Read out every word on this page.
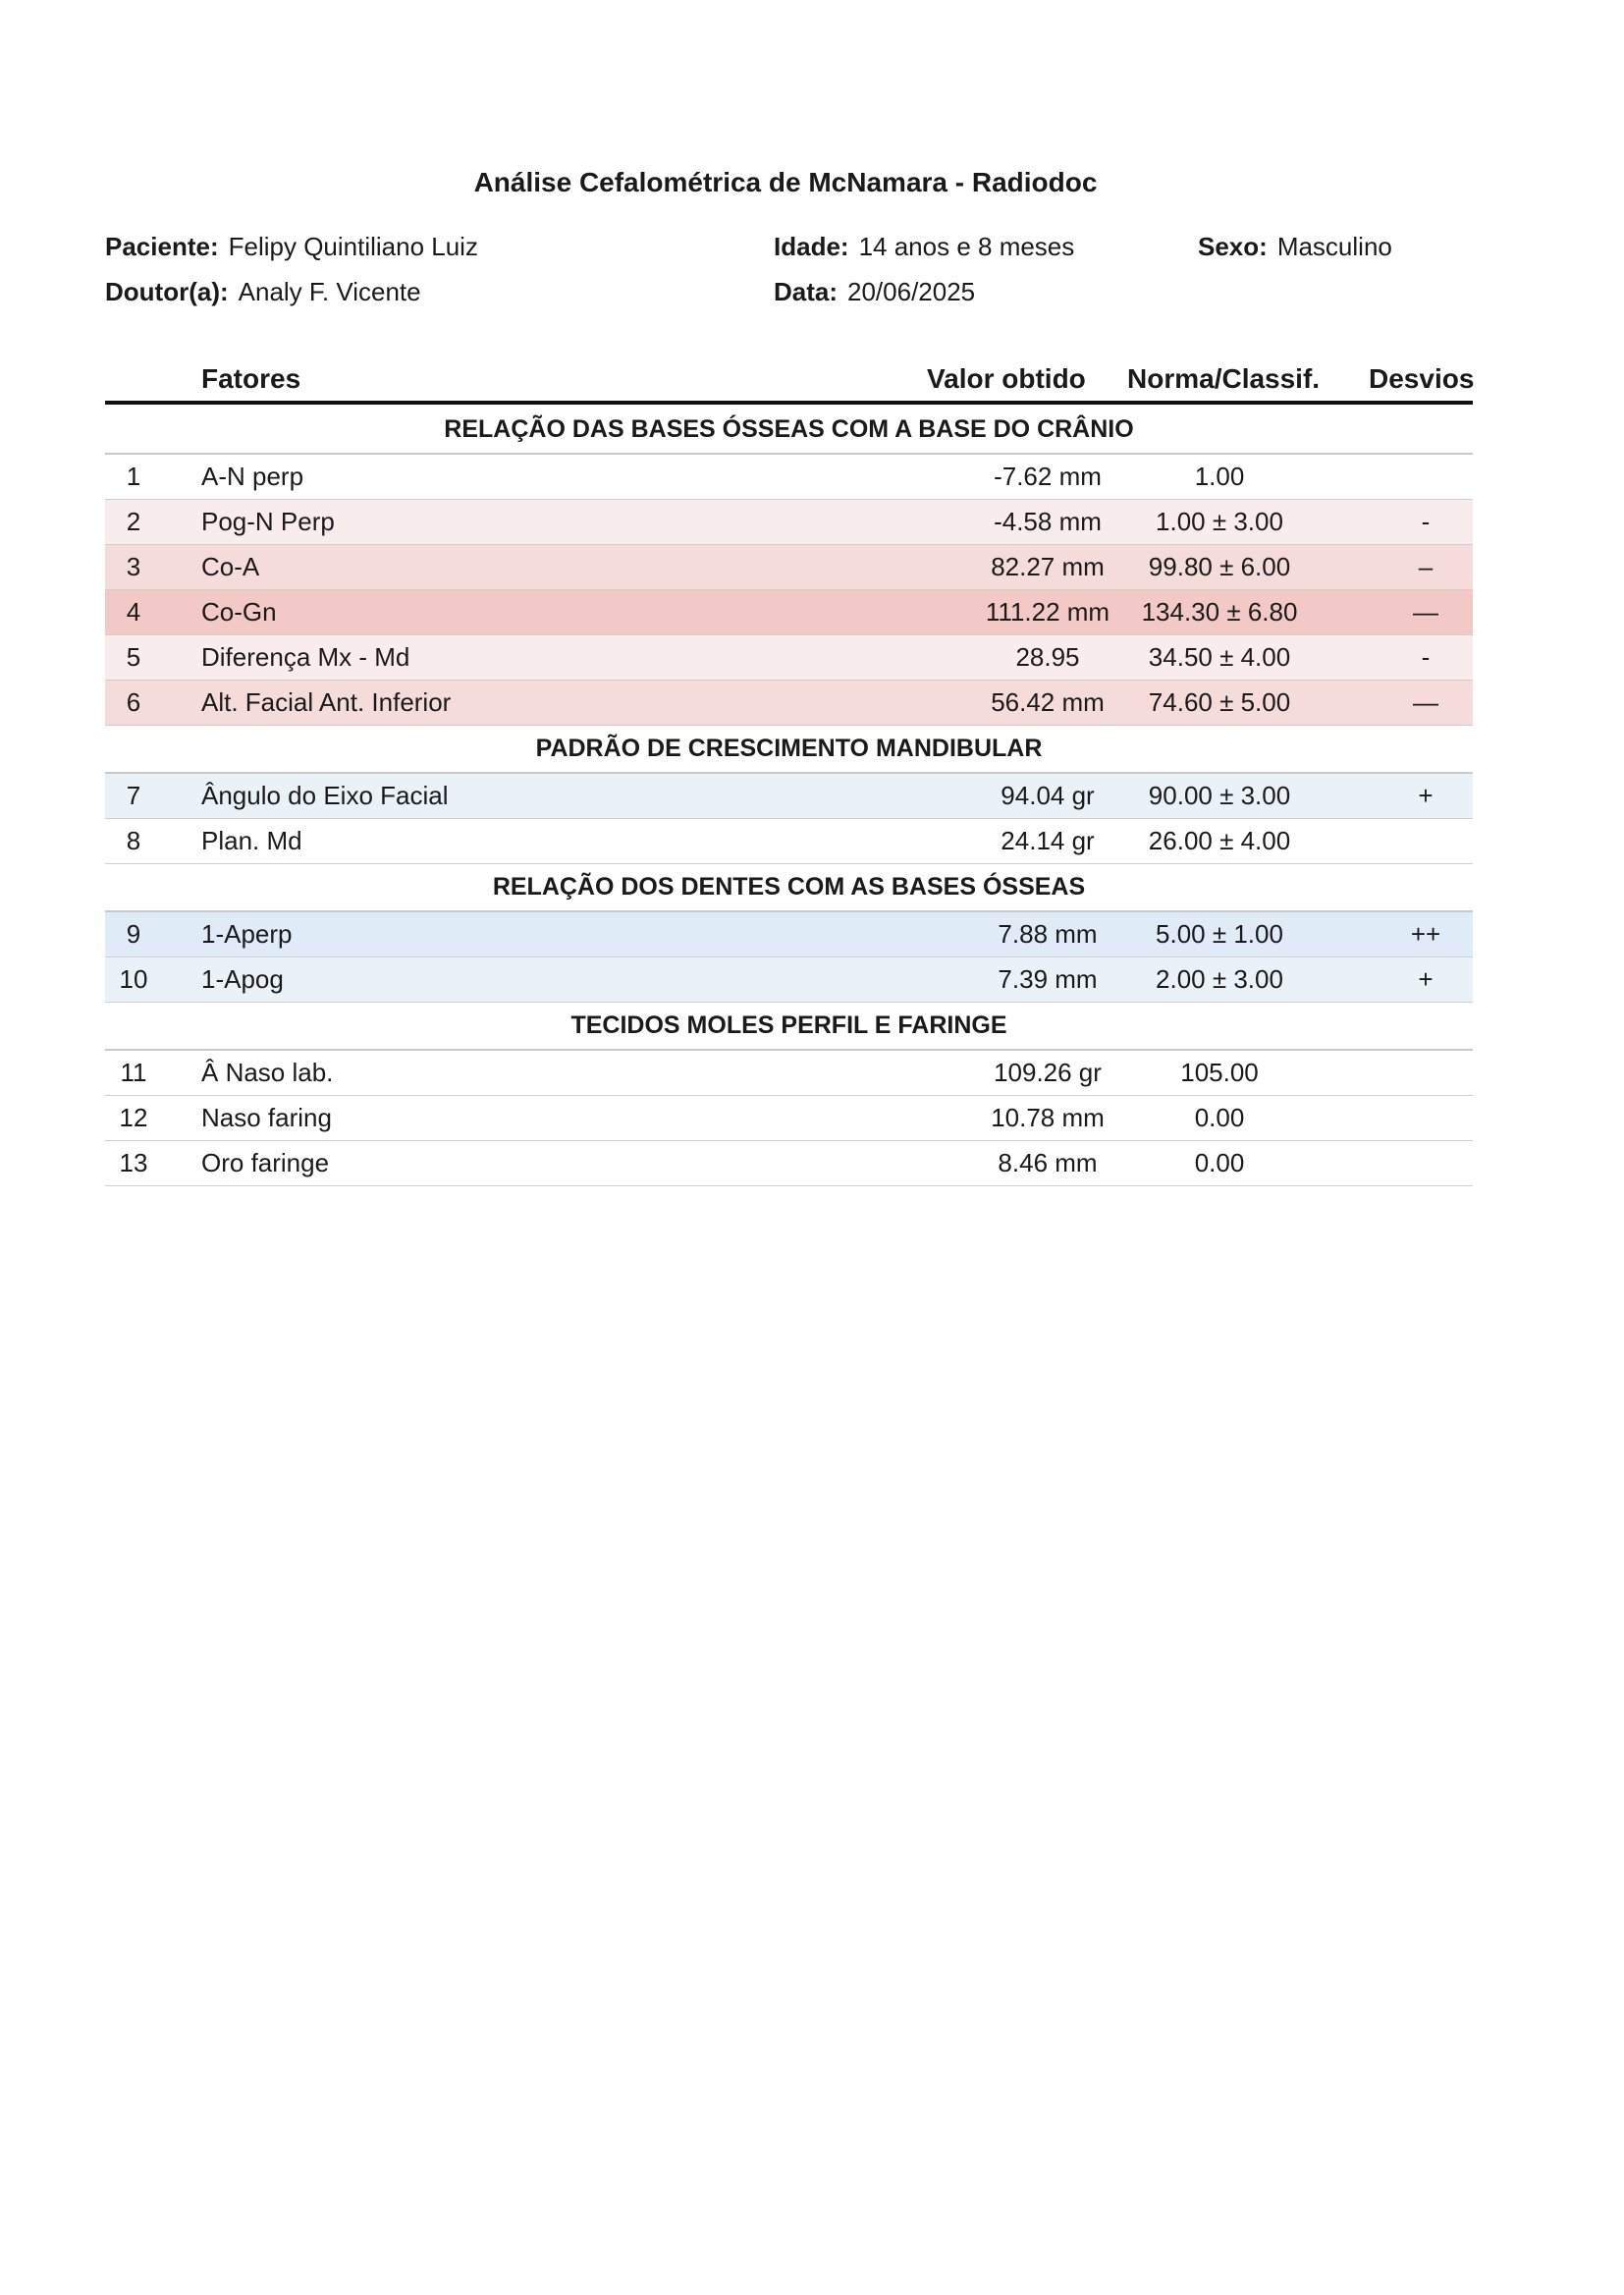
Análise Cefalométrica de McNamara - Radiodoc
Paciente: Felipy Quintiliano Luiz	Idade: 14 anos e 8 meses	Sexo: Masculino
Doutor(a): Analy F. Vicente	Data: 20/06/2025
Fatores	Valor obtido Norma/Classif. Desvios
RELAÇÃO DAS BASES ÓSSEAS COM A BASE DO CRÂNIO
1	A-N perp	-7.62 mm	1.00
2	Pog-N Perp	-4.58 mm	1.00 ± 3.00	-
3	Co-A	82.27 mm	99.80 ± 6.00	–
4	Co-Gn	111.22 mm	134.30 ± 6.80	—
5	Diferença Mx - Md	28.95	34.50 ± 4.00	-
6	Alt. Facial Ant. Inferior	56.42 mm	74.60 ± 5.00	—
PADRÃO DE CRESCIMENTO MANDIBULAR
7	Ângulo do Eixo Facial	94.04 gr	90.00 ± 3.00	+
8	Plan. Md	24.14 gr	26.00 ± 4.00
RELAÇÃO DOS DENTES COM AS BASES ÓSSEAS
9	1-Aperp	7.88 mm	5.00 ± 1.00	++
10	1-Apog	7.39 mm	2.00 ± 3.00	+
TECIDOS MOLES PERFIL E FARINGE
11	Â Naso lab.	109.26 gr	105.00
12	Naso faring	10.78 mm	0.00
13	Oro faringe	8.46 mm	0.00
